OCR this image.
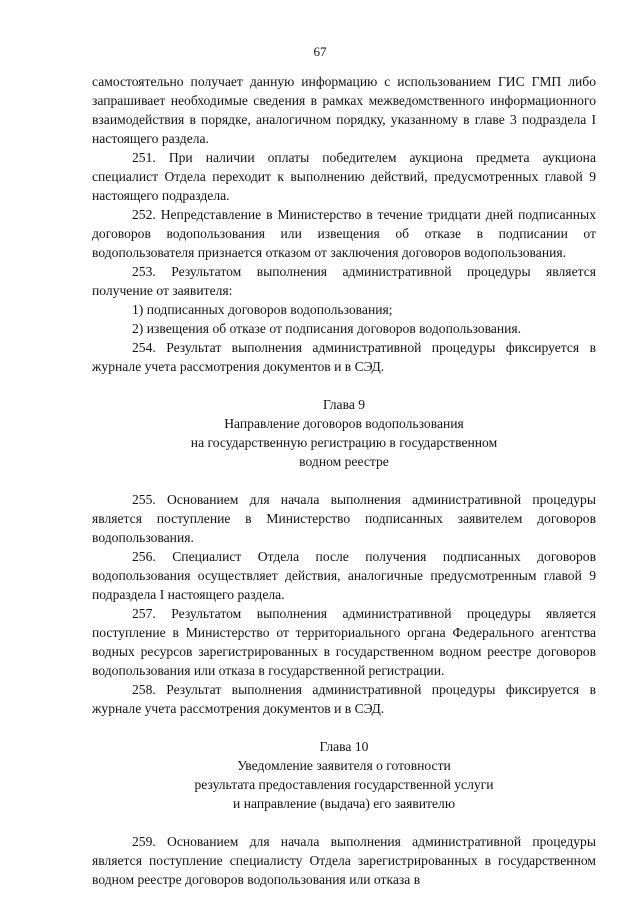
67

самостоятельно получает данную информацию с использованием ГИС ГМП либо запрашивает необходимые сведения в рамках межведомственного информационного взаимодействия в порядке, аналогичном порядку, указанному в главе 3 подраздела I настоящего раздела.

251. При наличии оплаты победителем аукциона предмета аукциона специалист Отдела переходит к выполнению действий, предусмотренных главой 9 настоящего подраздела.

252. Непредставление в Министерство в течение тридцати дней подписанных договоров водопользования или извещения об отказе в подписании от водопользователя признается отказом от заключения договоров водопользования.

253. Результатом выполнения административной процедуры является получение от заявителя:

1) подписанных договоров водопользования;

2) извещения об отказе от подписания договоров водопользования.

254. Результат выполнения административной процедуры фиксируется в журнале учета рассмотрения документов и в СЭД.

Глава 9
Направление договоров водопользования
на государственную регистрацию в государственном
водном реестре

255. Основанием для начала выполнения административной процедуры является поступление в Министерство подписанных заявителем договоров водопользования.

256. Специалист Отдела после получения подписанных договоров водопользования осуществляет действия, аналогичные предусмотренным главой 9 подраздела I настоящего раздела.

257. Результатом выполнения административной процедуры является поступление в Министерство от территориального органа Федерального агентства водных ресурсов зарегистрированных в государственном водном реестре договоров водопользования или отказа в государственной регистрации.

258. Результат выполнения административной процедуры фиксируется в журнале учета рассмотрения документов и в СЭД.

Глава 10
Уведомление заявителя о готовности
результата предоставления государственной услуги
и направление (выдача) его заявителю

259. Основанием для начала выполнения административной процедуры является поступление специалисту Отдела зарегистрированных в государственном водном реестре договоров водопользования или отказа в
